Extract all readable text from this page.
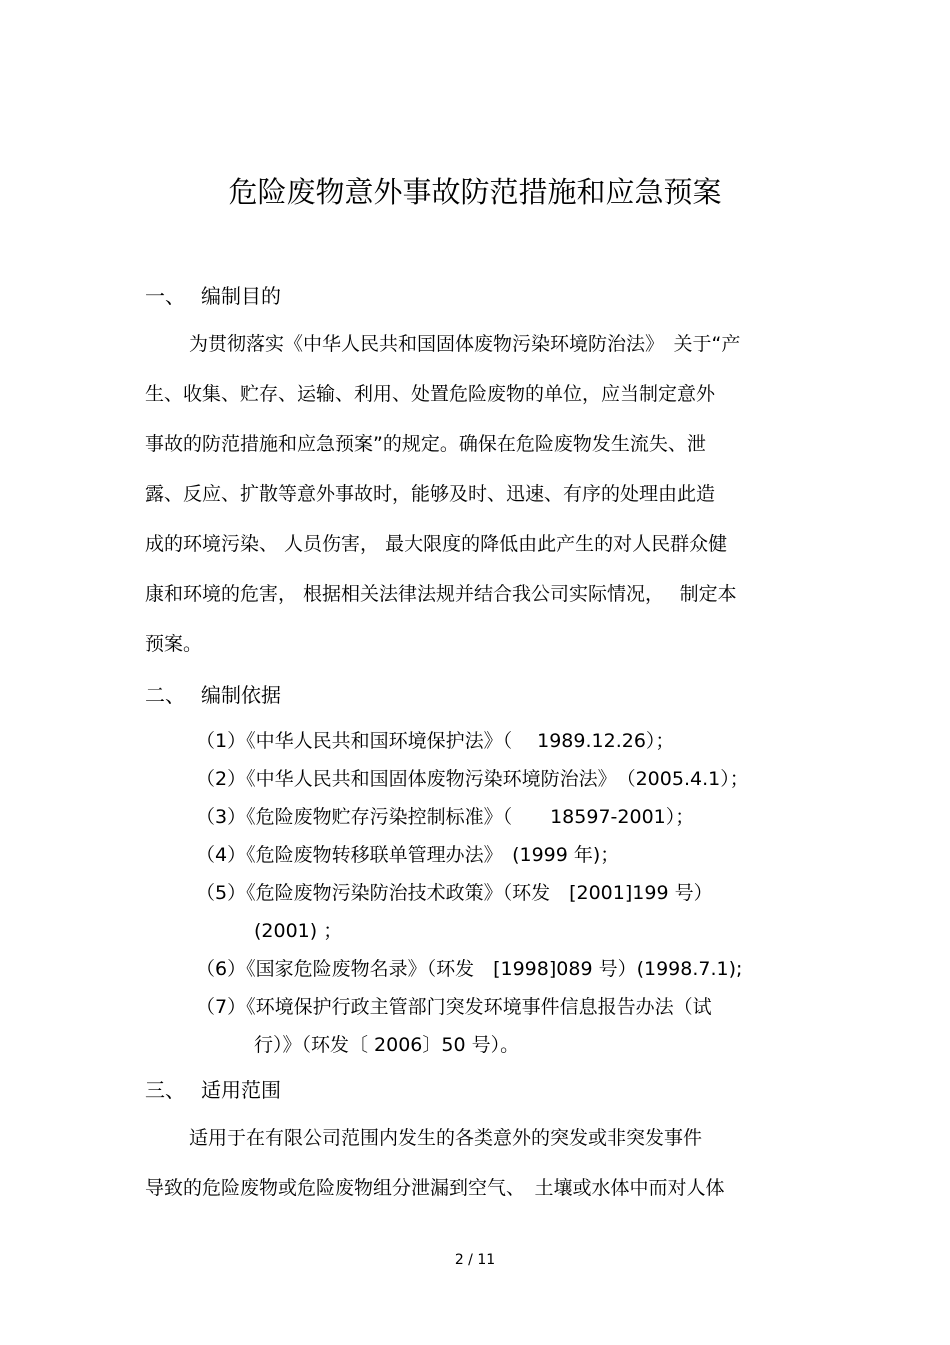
危险废物意外事故防范措施和应急预案
一、 编制目的
为贯彻落实《中华人民共和国固体废物污染环境防治法》　关于“产
生、收集、贮存、运输、利用、处置危险废物的单位，应当制定意外
事故的防范措施和应急预案”的规定。确保在危险废物发生流失、泄
露、反应、扩散等意外事故时，能够及时、迅速、有序的处理由此造
成的环境污染、 人员伤害， 最大限度的降低由此产生的对人民群众健
康和环境的危害， 根据相关法律法规并结合我公司实际情况，　 制定本
预案。
二、 编制依据
（1）《中华人民共和国环境保护法》（　 1989.12.26）；
（2）《中华人民共和国固体废物污染环境防治法》　（2005.4.1）；
（3）《危险废物贮存污染控制标准》（　　18597-2001）；
（4）《危险废物转移联单管理办法》　(1999 年)；
（5）《危险废物污染防治技术政策》（环发　[2001]199 号）
(2001) ；
（6）《国家危险废物名录》（环发　[1998]089 号）(1998.7.1);
（7）《环境保护行政主管部门突发环境事件信息报告办法（试
行）》（环发〔 2006〕50 号）。
三、 适用范围
适用于在有限公司范围内发生的各类意外的突发或非突发事件
导致的危险废物或危险废物组分泄漏到空气、　土壤或水体中而对人体
2 / 11
